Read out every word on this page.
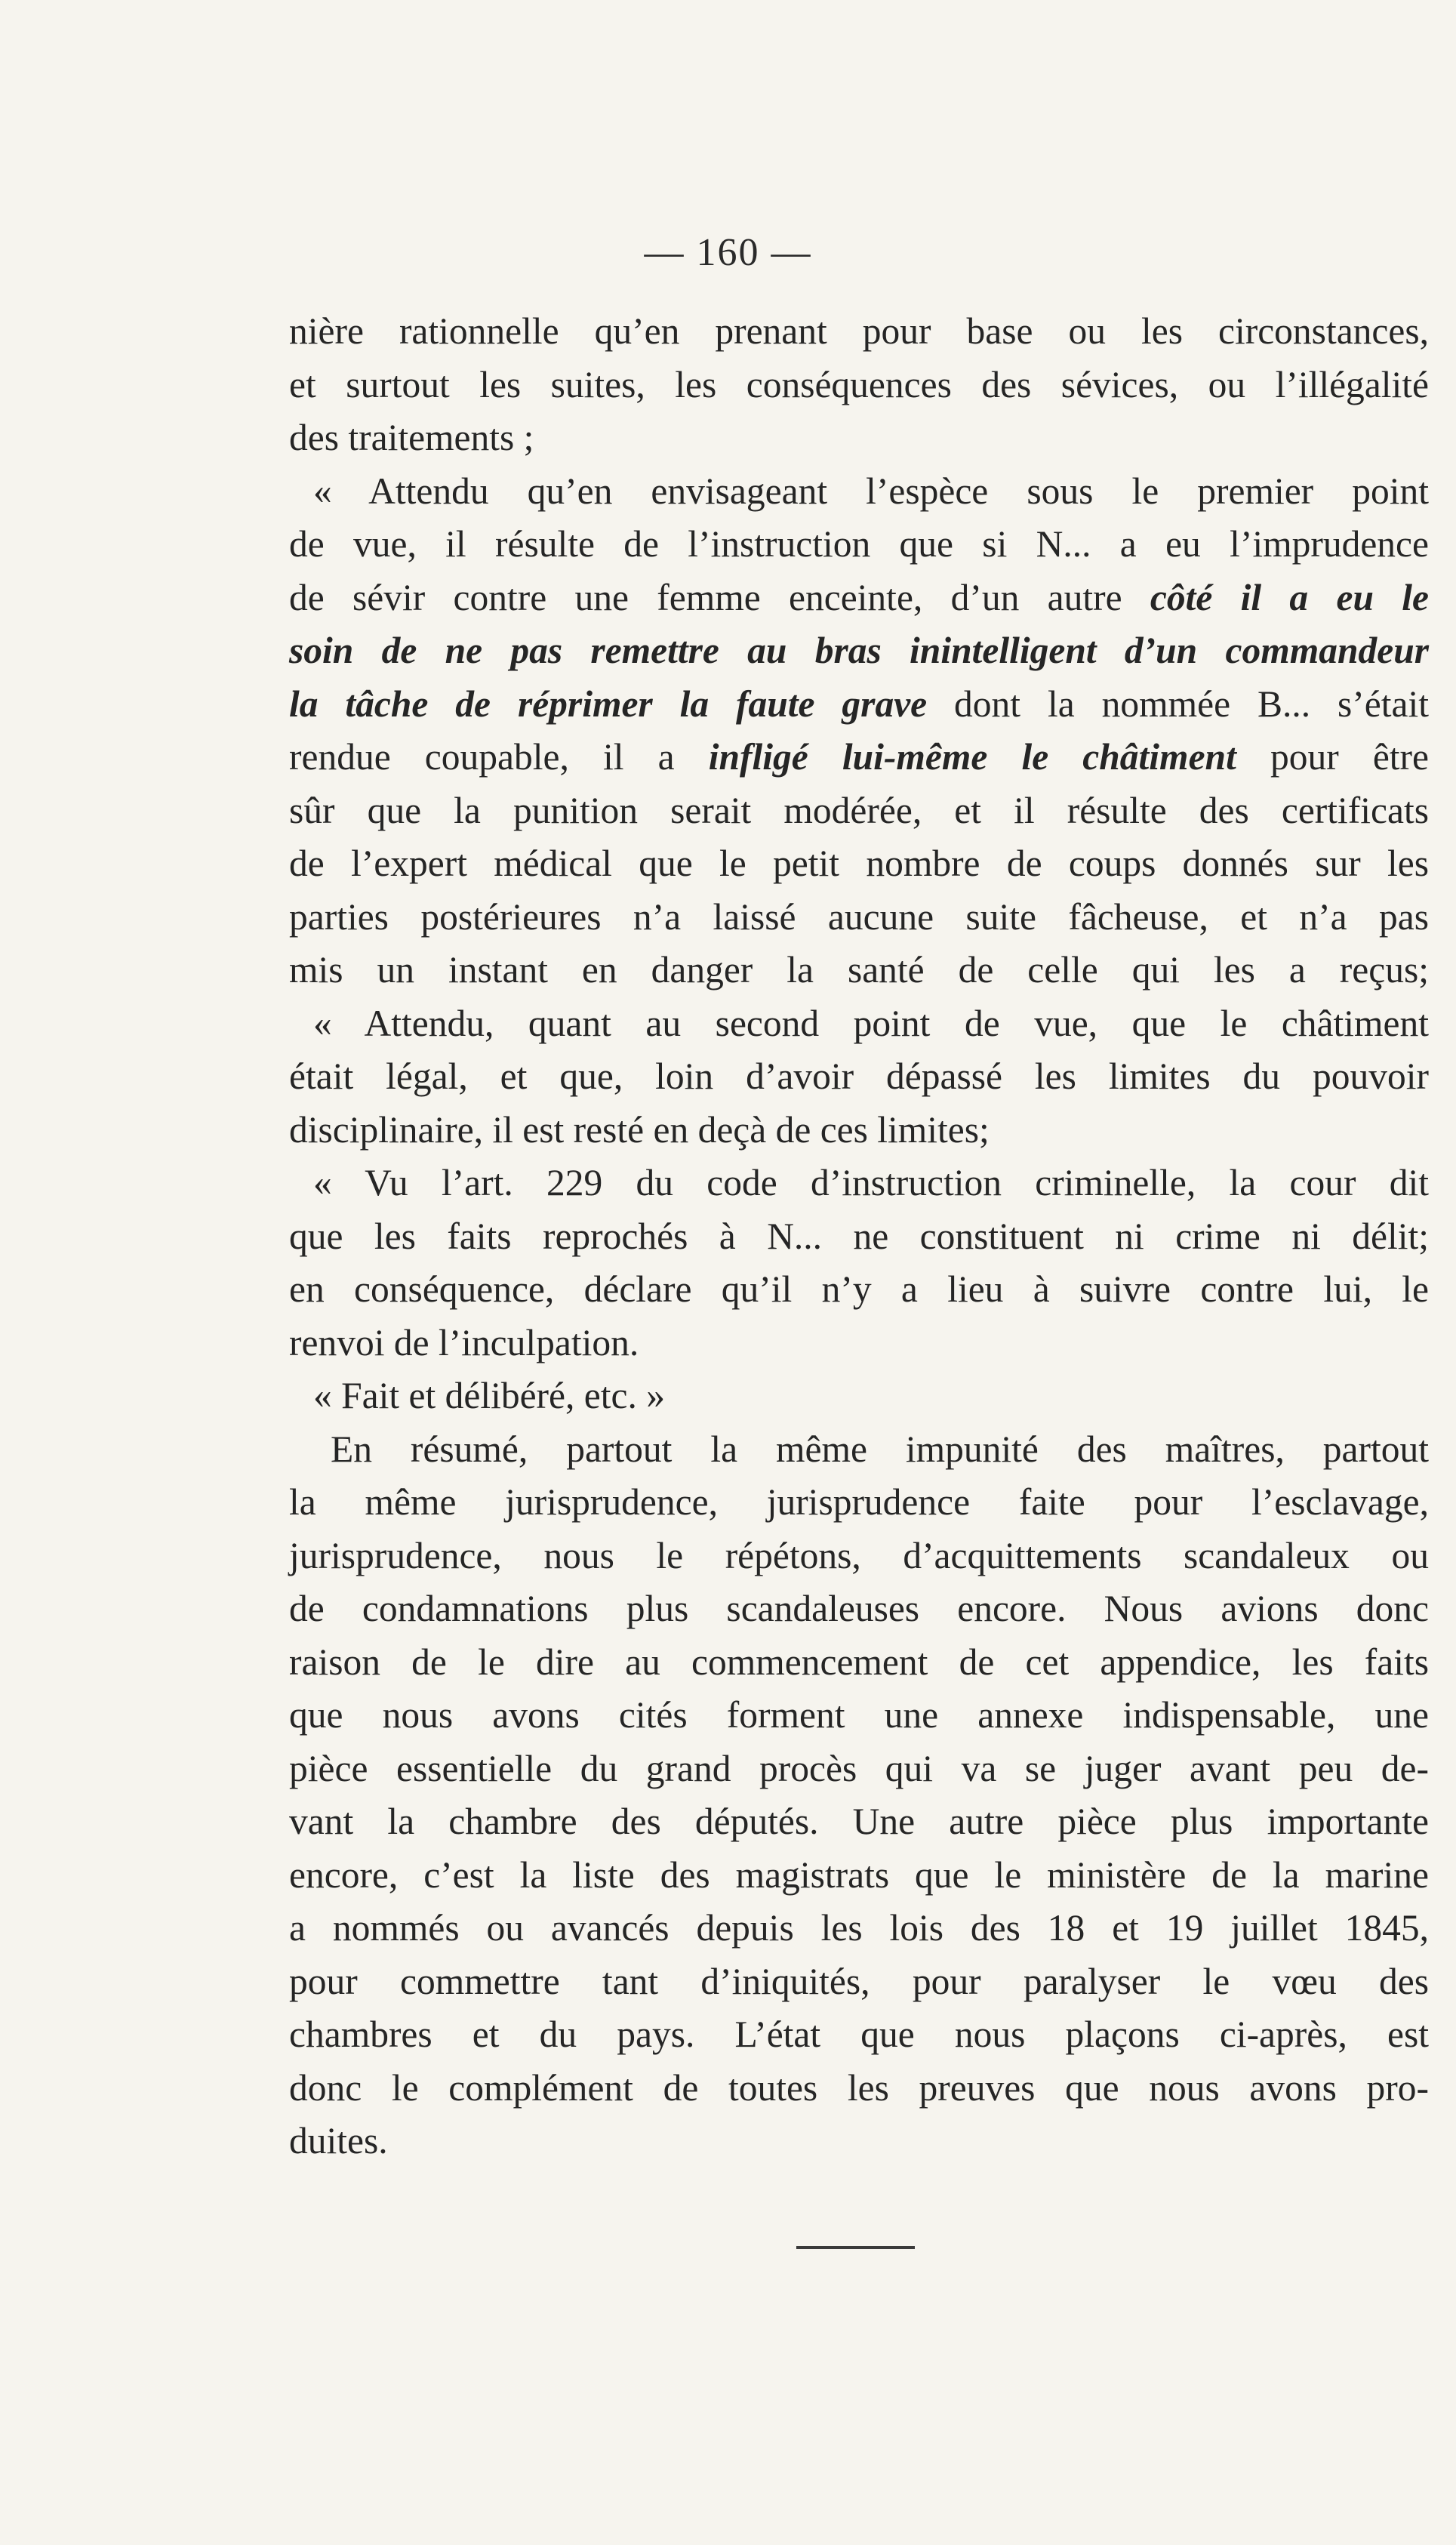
— 160 —
nière rationnelle qu’en prenant pour base ou les circonstances,
et surtout les suites, les conséquences des sévices, ou l’illégalité
des traitements ;
« Attendu qu’en envisageant l’espèce sous le premier point
de vue, il résulte de l’instruction que si N... a eu l’imprudence
de sévir contre une femme enceinte, d’un autre côté il a eu le
soin de ne pas remettre au bras inintelligent d’un commandeur
la tâche de réprimer la faute grave dont la nommée B... s’était
rendue coupable, il a infligé lui-même le châtiment pour être
sûr que la punition serait modérée, et il résulte des certificats
de l’expert médical que le petit nombre de coups donnés sur les
parties postérieures n’a laissé aucune suite fâcheuse, et n’a pas
mis un instant en danger la santé de celle qui les a reçus;
« Attendu, quant au second point de vue, que le châtiment
était légal, et que, loin d’avoir dépassé les limites du pouvoir
disciplinaire, il est resté en deçà de ces limites;
« Vu l’art. 229 du code d’instruction criminelle, la cour dit
que les faits reprochés à N... ne constituent ni crime ni délit;
en conséquence, déclare qu’il n’y a lieu à suivre contre lui, le
renvoi de l’inculpation.
« Fait et délibéré, etc. »
En résumé, partout la même impunité des maîtres, partout
la même jurisprudence, jurisprudence faite pour l’esclavage,
jurisprudence, nous le répétons, d’acquittements scandaleux ou
de condamnations plus scandaleuses encore. Nous avions donc
raison de le dire au commencement de cet appendice, les faits
que nous avons cités forment une annexe indispensable, une
pièce essentielle du grand procès qui va se juger avant peu de-
vant la chambre des députés. Une autre pièce plus importante
encore, c’est la liste des magistrats que le ministère de la marine
a nommés ou avancés depuis les lois des 18 et 19 juillet 1845,
pour commettre tant d’iniquités, pour paralyser le vœu des
chambres et du pays. L’état que nous plaçons ci-après, est
donc le complément de toutes les preuves que nous avons pro-
duites.
